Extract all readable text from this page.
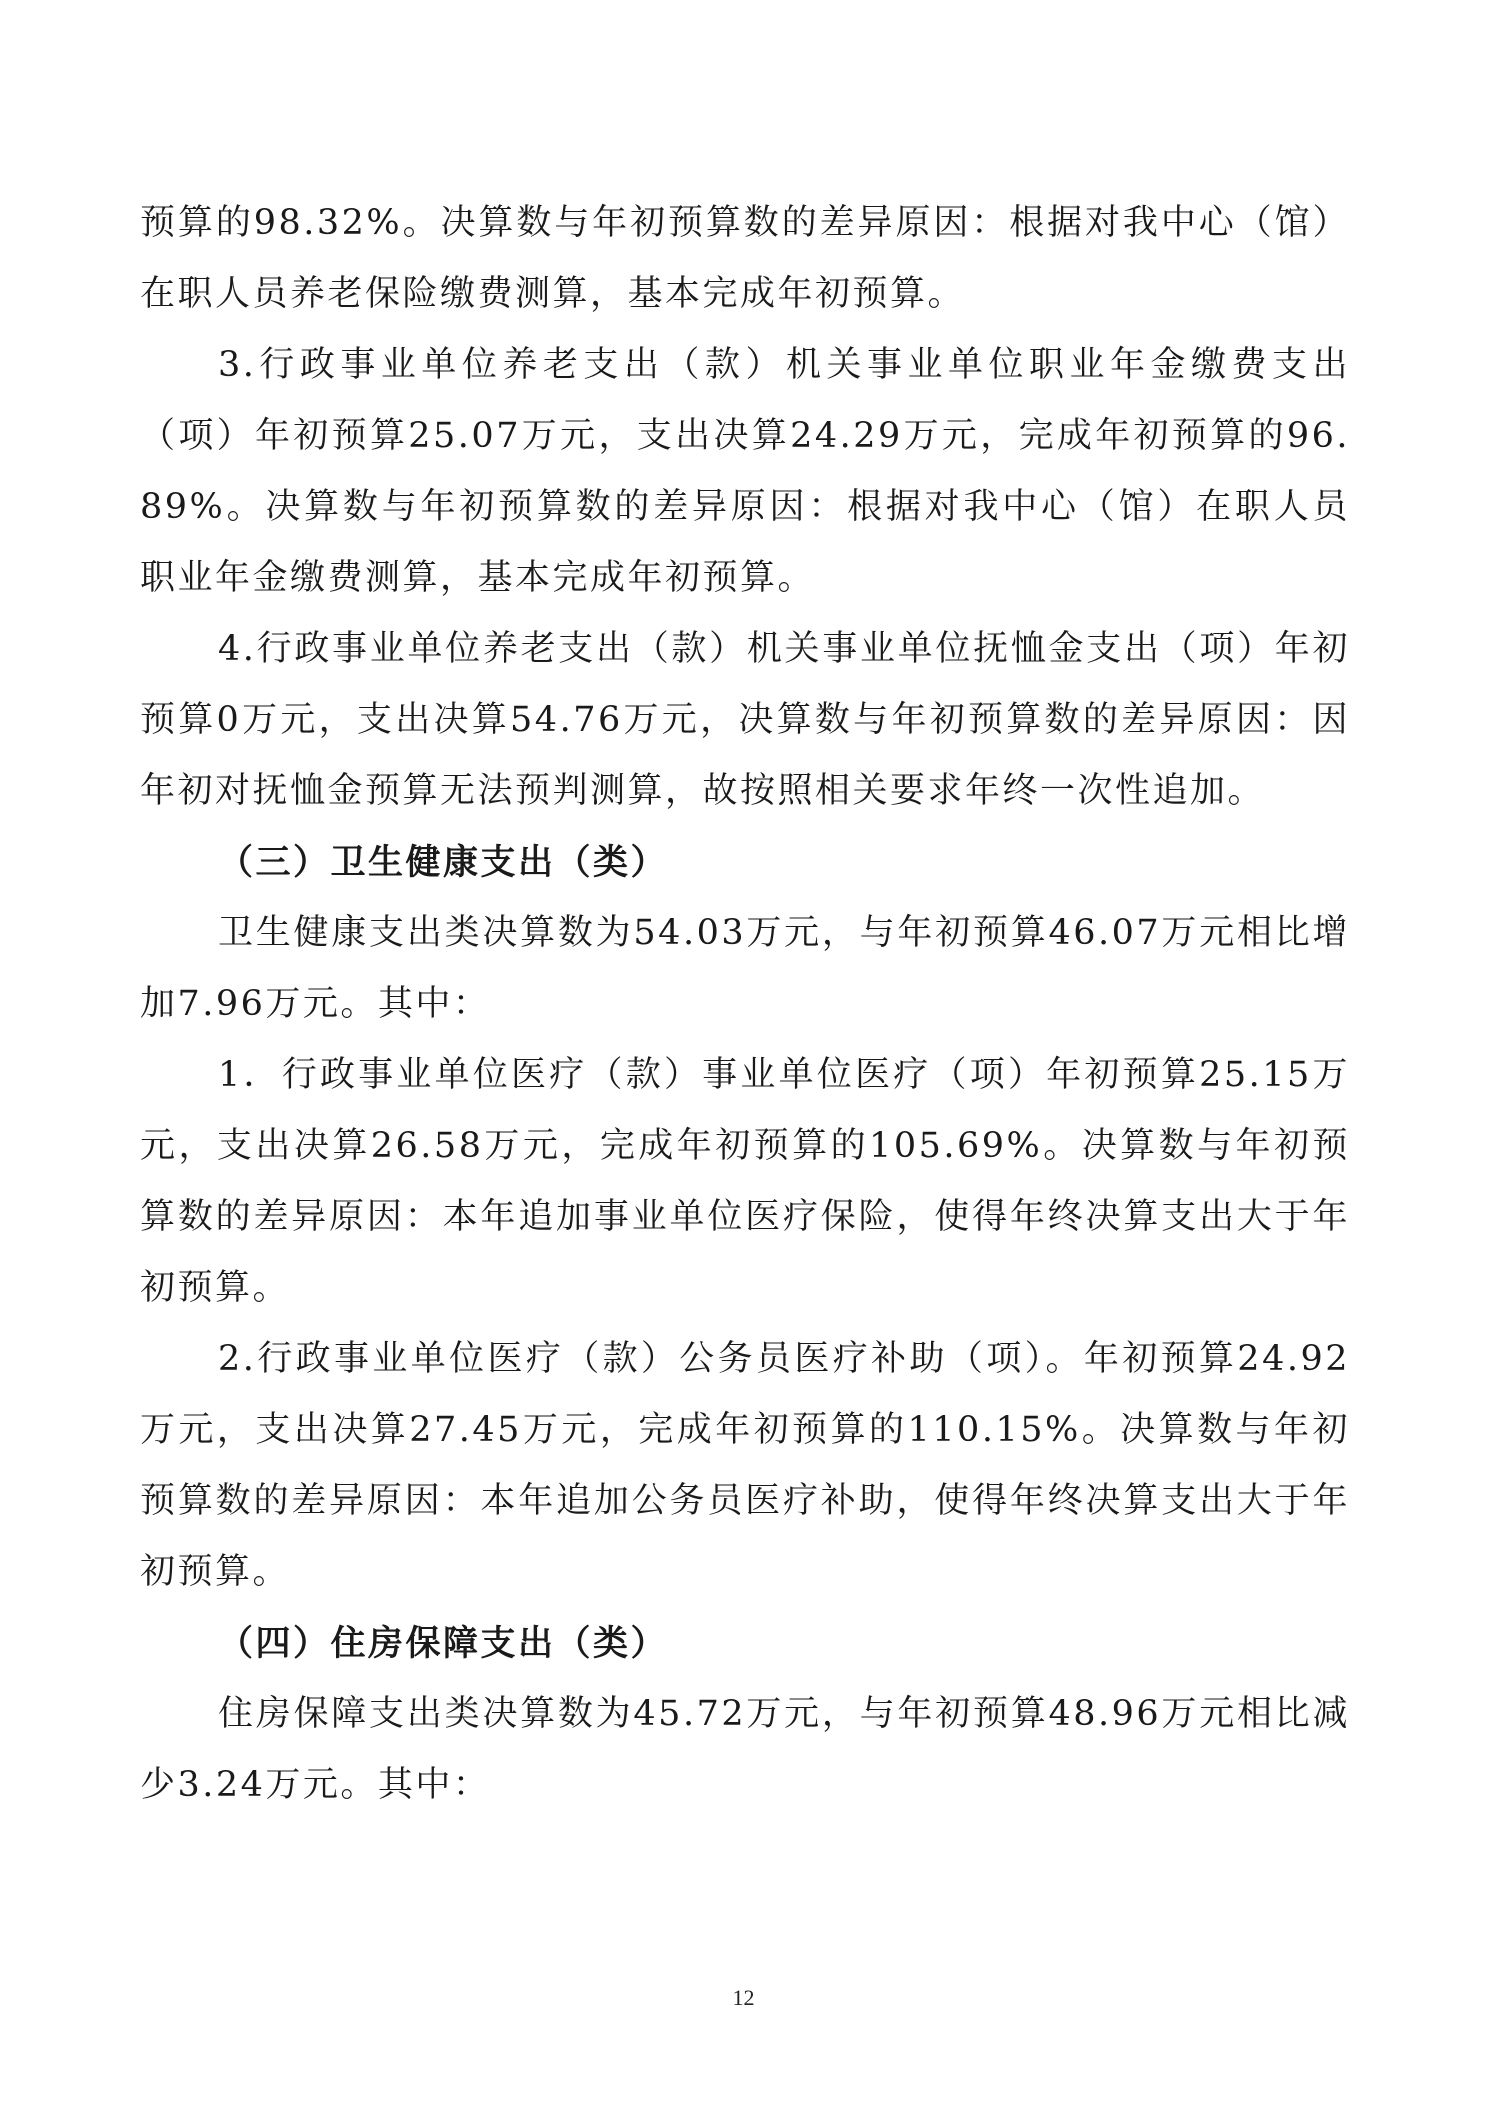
预算的98.32%。决算数与年初预算数的差异原因：根据对我中心（馆）在职人员养老保险缴费测算，基本完成年初预算。

3.行政事业单位养老支出（款）机关事业单位职业年金缴费支出（项）年初预算25.07万元，支出决算24.29万元，完成年初预算的96.89%。决算数与年初预算数的差异原因：根据对我中心（馆）在职人员职业年金缴费测算，基本完成年初预算。

4.行政事业单位养老支出（款）机关事业单位抚恤金支出（项）年初预算0万元，支出决算54.76万元，决算数与年初预算数的差异原因：因年初对抚恤金预算无法预判测算，故按照相关要求年终一次性追加。

（三）卫生健康支出（类）

卫生健康支出类决算数为54.03万元，与年初预算46.07万元相比增加7.96万元。其中：

1．行政事业单位医疗（款）事业单位医疗（项）年初预算25.15万元，支出决算26.58万元，完成年初预算的105.69%。决算数与年初预算数的差异原因：本年追加事业单位医疗保险，使得年终决算支出大于年初预算。

2.行政事业单位医疗（款）公务员医疗补助（项）。年初预算24.92万元，支出决算27.45万元，完成年初预算的110.15%。决算数与年初预算数的差异原因：本年追加公务员医疗补助，使得年终决算支出大于年初预算。

（四）住房保障支出（类）

住房保障支出类决算数为45.72万元，与年初预算48.96万元相比减少3.24万元。其中：

12
